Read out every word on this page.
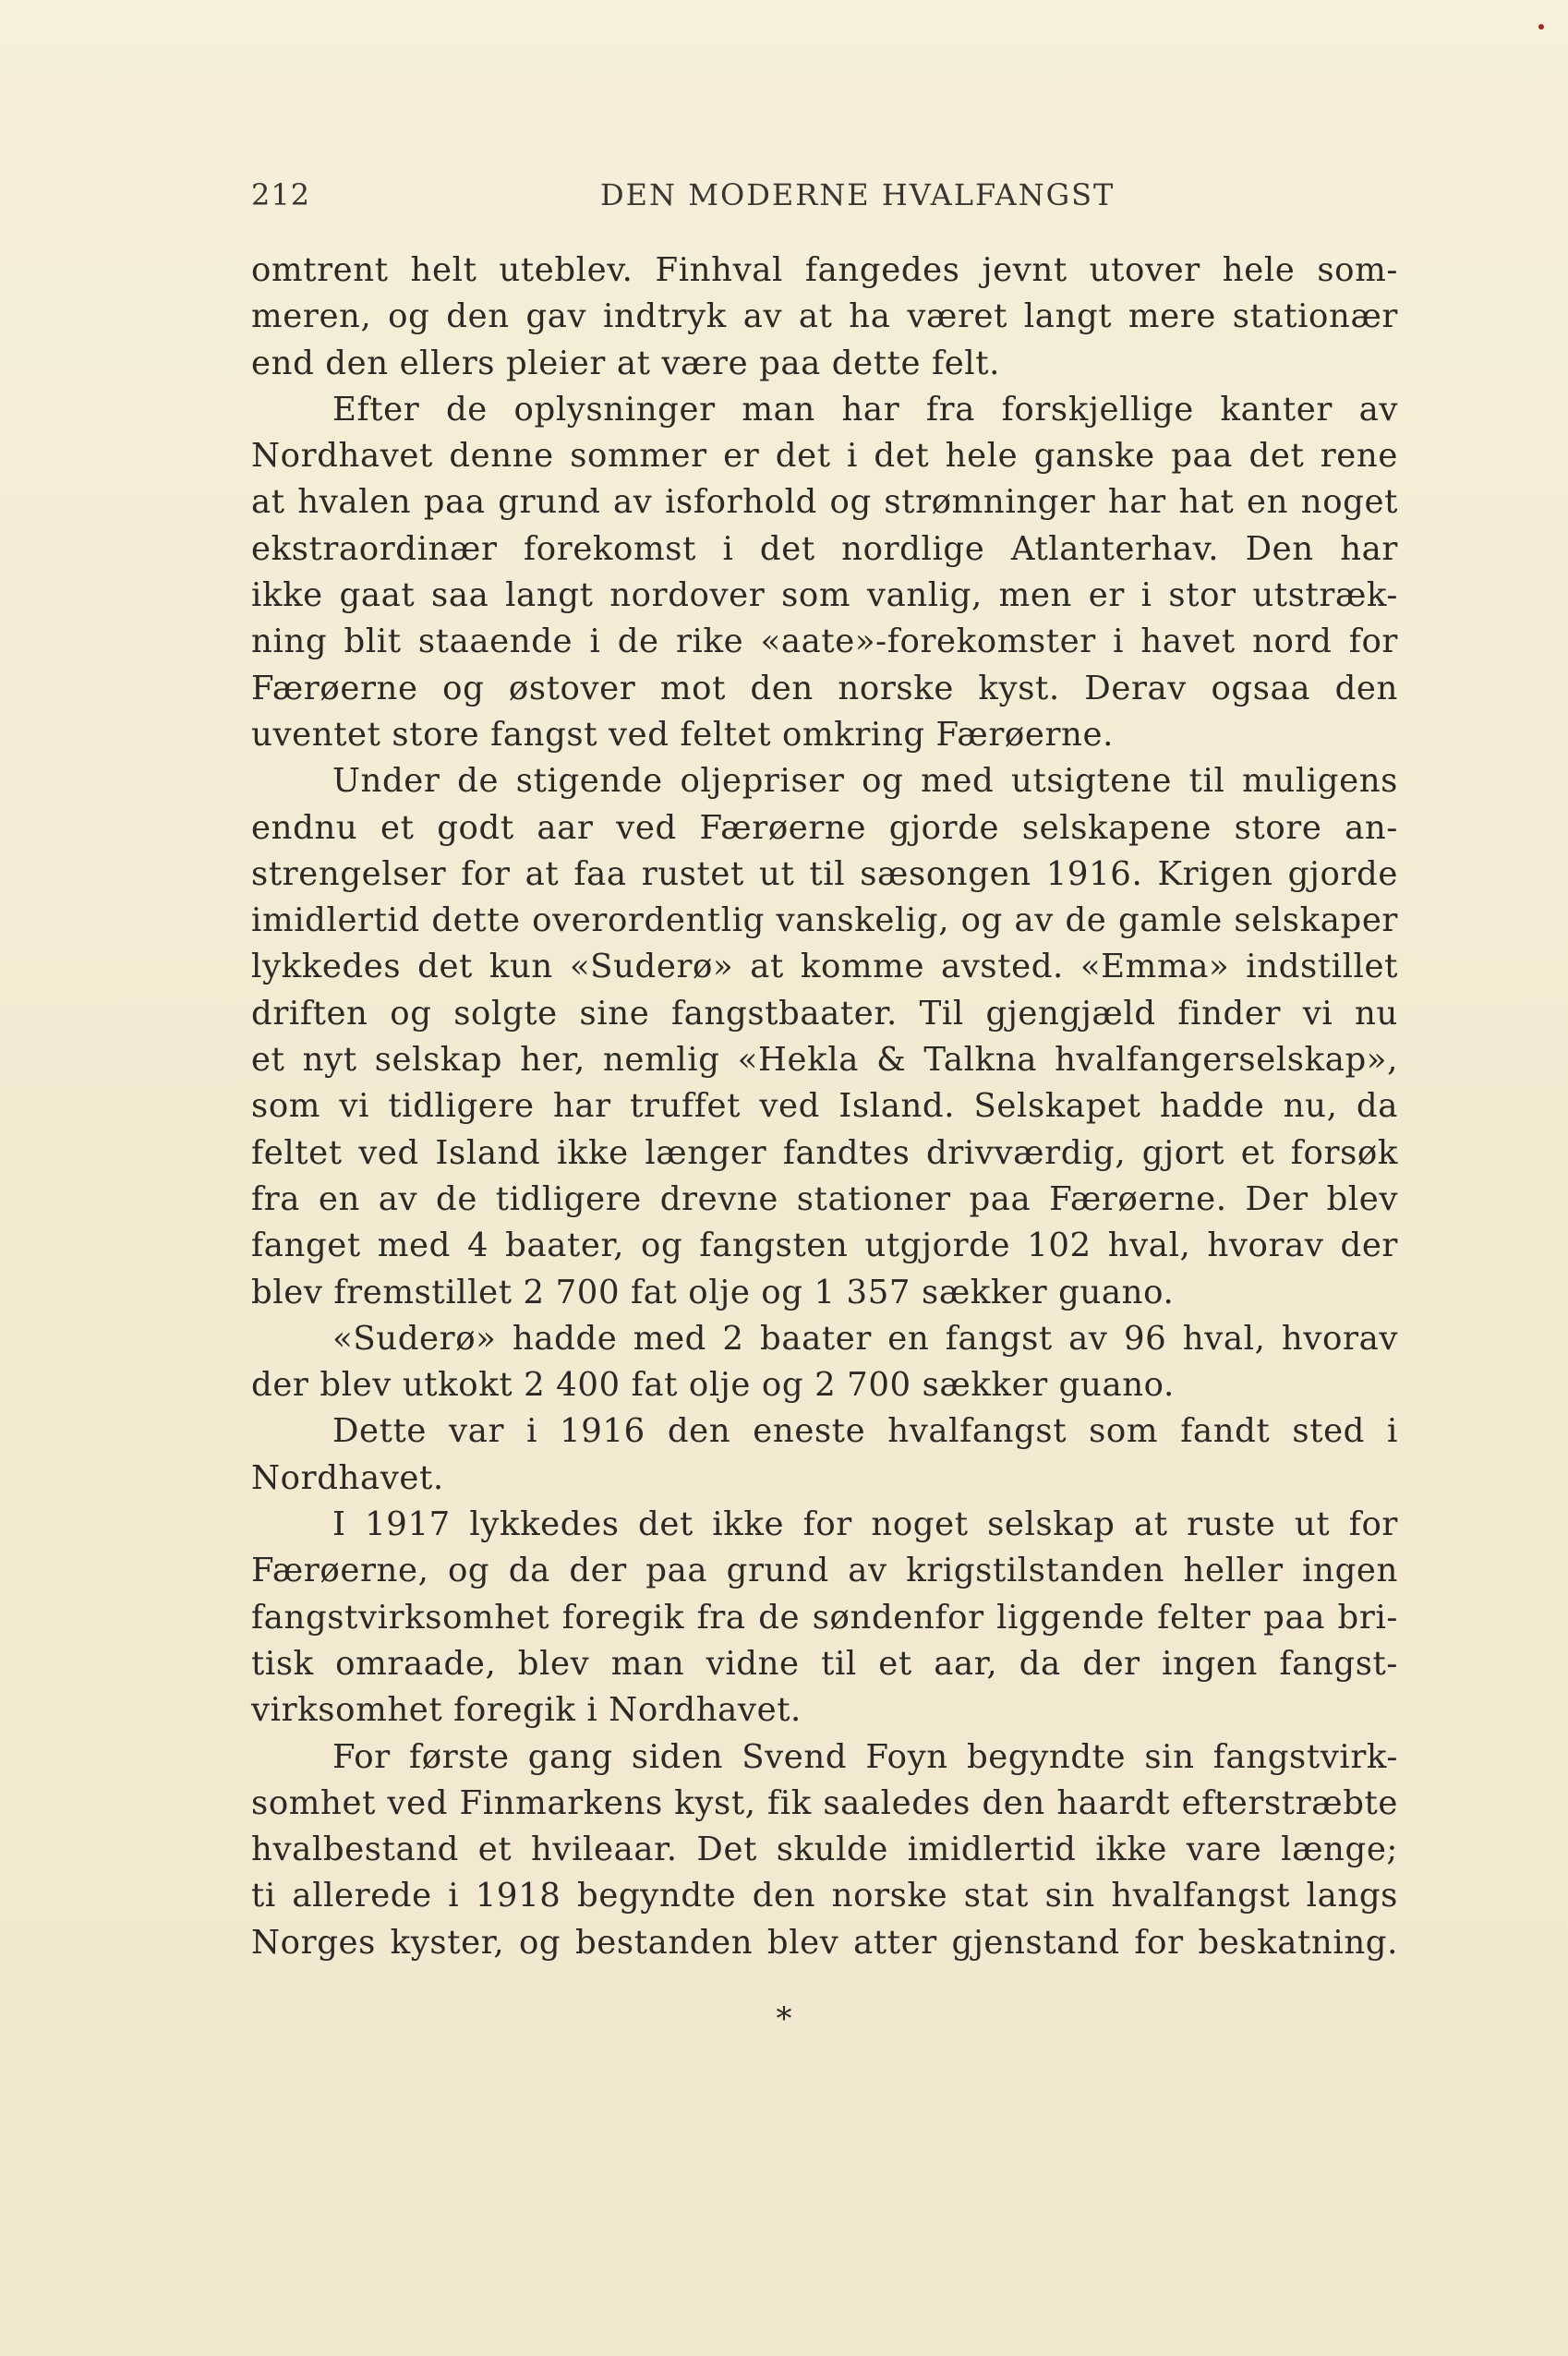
212	DEN MODERNE HVALFANGST
omtrent helt uteblev. Finhval fangedes jevnt utover hele som-
meren, og den gav indtryk av at ha været langt mere stationær
end den ellers pleier at være paa dette felt.
Efter de oplysninger man har fra forskjellige kanter av
Nordhavet denne sommer er det i det hele ganske paa det rene
at hvalen paa grund av isforhold og strømninger har hat en noget
ekstraordinær forekomst i det nordlige Atlanterhav. Den har
ikke gaat saa langt nordover som vanlig, men er i stor utstræk-
ning blit staaende i de rike «aate»-forekomster i havet nord for
Færøerne og østover mot den norske kyst. Derav ogsaa den
uventet store fangst ved feltet omkring Færøerne.
Under de stigende oljepriser og med utsigtene til muligens
endnu et godt aar ved Færøerne gjorde selskapene store an-
strengelser for at faa rustet ut til sæsongen 1916. Krigen gjorde
imidlertid dette overordentlig vanskelig, og av de gamle selskaper
lykkedes det kun «Suderø» at komme avsted. «Emma» indstillet
driften og solgte sine fangstbaater. Til gjengjæld finder vi nu
et nyt selskap her, nemlig «Hekla & Talkna hvalfangerselskap»,
som vi tidligere har truffet ved Island. Selskapet hadde nu, da
feltet ved Island ikke længer fandtes drivværdig, gjort et forsøk
fra en av de tidligere drevne stationer paa Færøerne. Der blev
fanget med 4 baater, og fangsten utgjorde 102 hval, hvorav der
blev fremstillet 2 700 fat olje og 1 357 sækker guano.
«Suderø» hadde med 2 baater en fangst av 96 hval, hvorav
der blev utkokt 2 400 fat olje og 2 700 sækker guano.
Dette var i 1916 den eneste hvalfangst som fandt sted i
Nordhavet.
I 1917 lykkedes det ikke for noget selskap at ruste ut for
Færøerne, og da der paa grund av krigstilstanden heller ingen
fangstvirksomhet foregik fra de søndenfor liggende felter paa bri-
tisk omraade, blev man vidne til et aar, da der ingen fangst-
virksomhet foregik i Nordhavet.
For første gang siden Svend Foyn begyndte sin fangstvirk-
somhet ved Finmarkens kyst, fik saaledes den haardt efterstræbte
hvalbestand et hvileaar. Det skulde imidlertid ikke vare længe;
ti allerede i 1918 begyndte den norske stat sin hvalfangst langs
Norges kyster, og bestanden blev atter gjenstand for beskatning.
*
